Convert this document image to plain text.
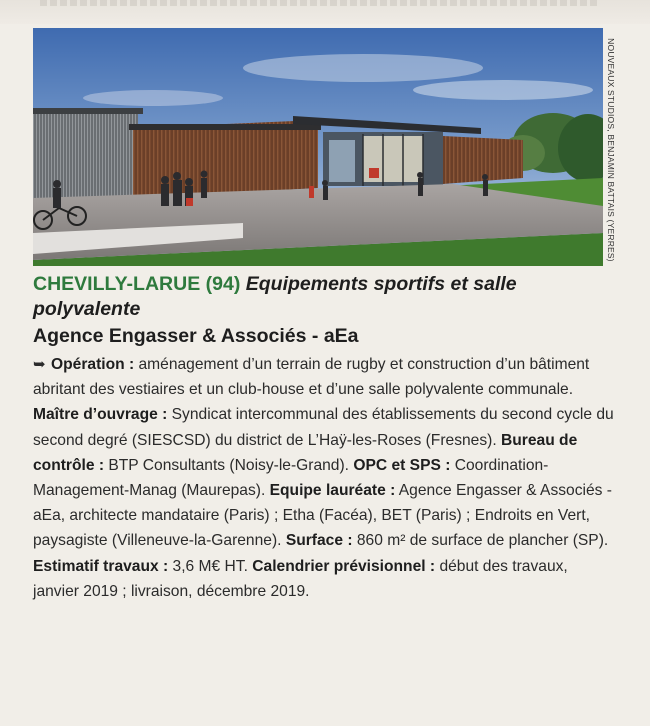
NOUVEAUX STUDIOS, BENJAMIN BATTAIS (YERRES)
CHEVILLY-LARUE (94) Equipements sportifs et salle polyvalente
Agence Engasser & Associés - aEa

➥ Opération : aménagement d’un terrain de rugby et construction d’un bâtiment abritant des vestiaires et un club-house et d’une salle polyvalente communale. Maître d’ouvrage : Syndicat intercommunal des établissements du second cycle du second degré (SIESCSD) du district de L’Haÿ-les-Roses (Fresnes). Bureau de contrôle : BTP Consultants (Noisy-le-Grand). OPC et SPS : Coordination-Management-Manag (Maurepas). Equipe lauréate : Agence Engasser & Associés - aEa, architecte mandataire (Paris) ; Etha (Facéa), BET (Paris) ; Endroits en Vert, paysagiste (Villeneuve-la-Garenne). Surface : 860 m² de surface de plancher (SP). Estimatif travaux : 3,6 M€ HT. Calendrier prévisionnel : début des travaux, janvier 2019 ; livraison, décembre 2019.
